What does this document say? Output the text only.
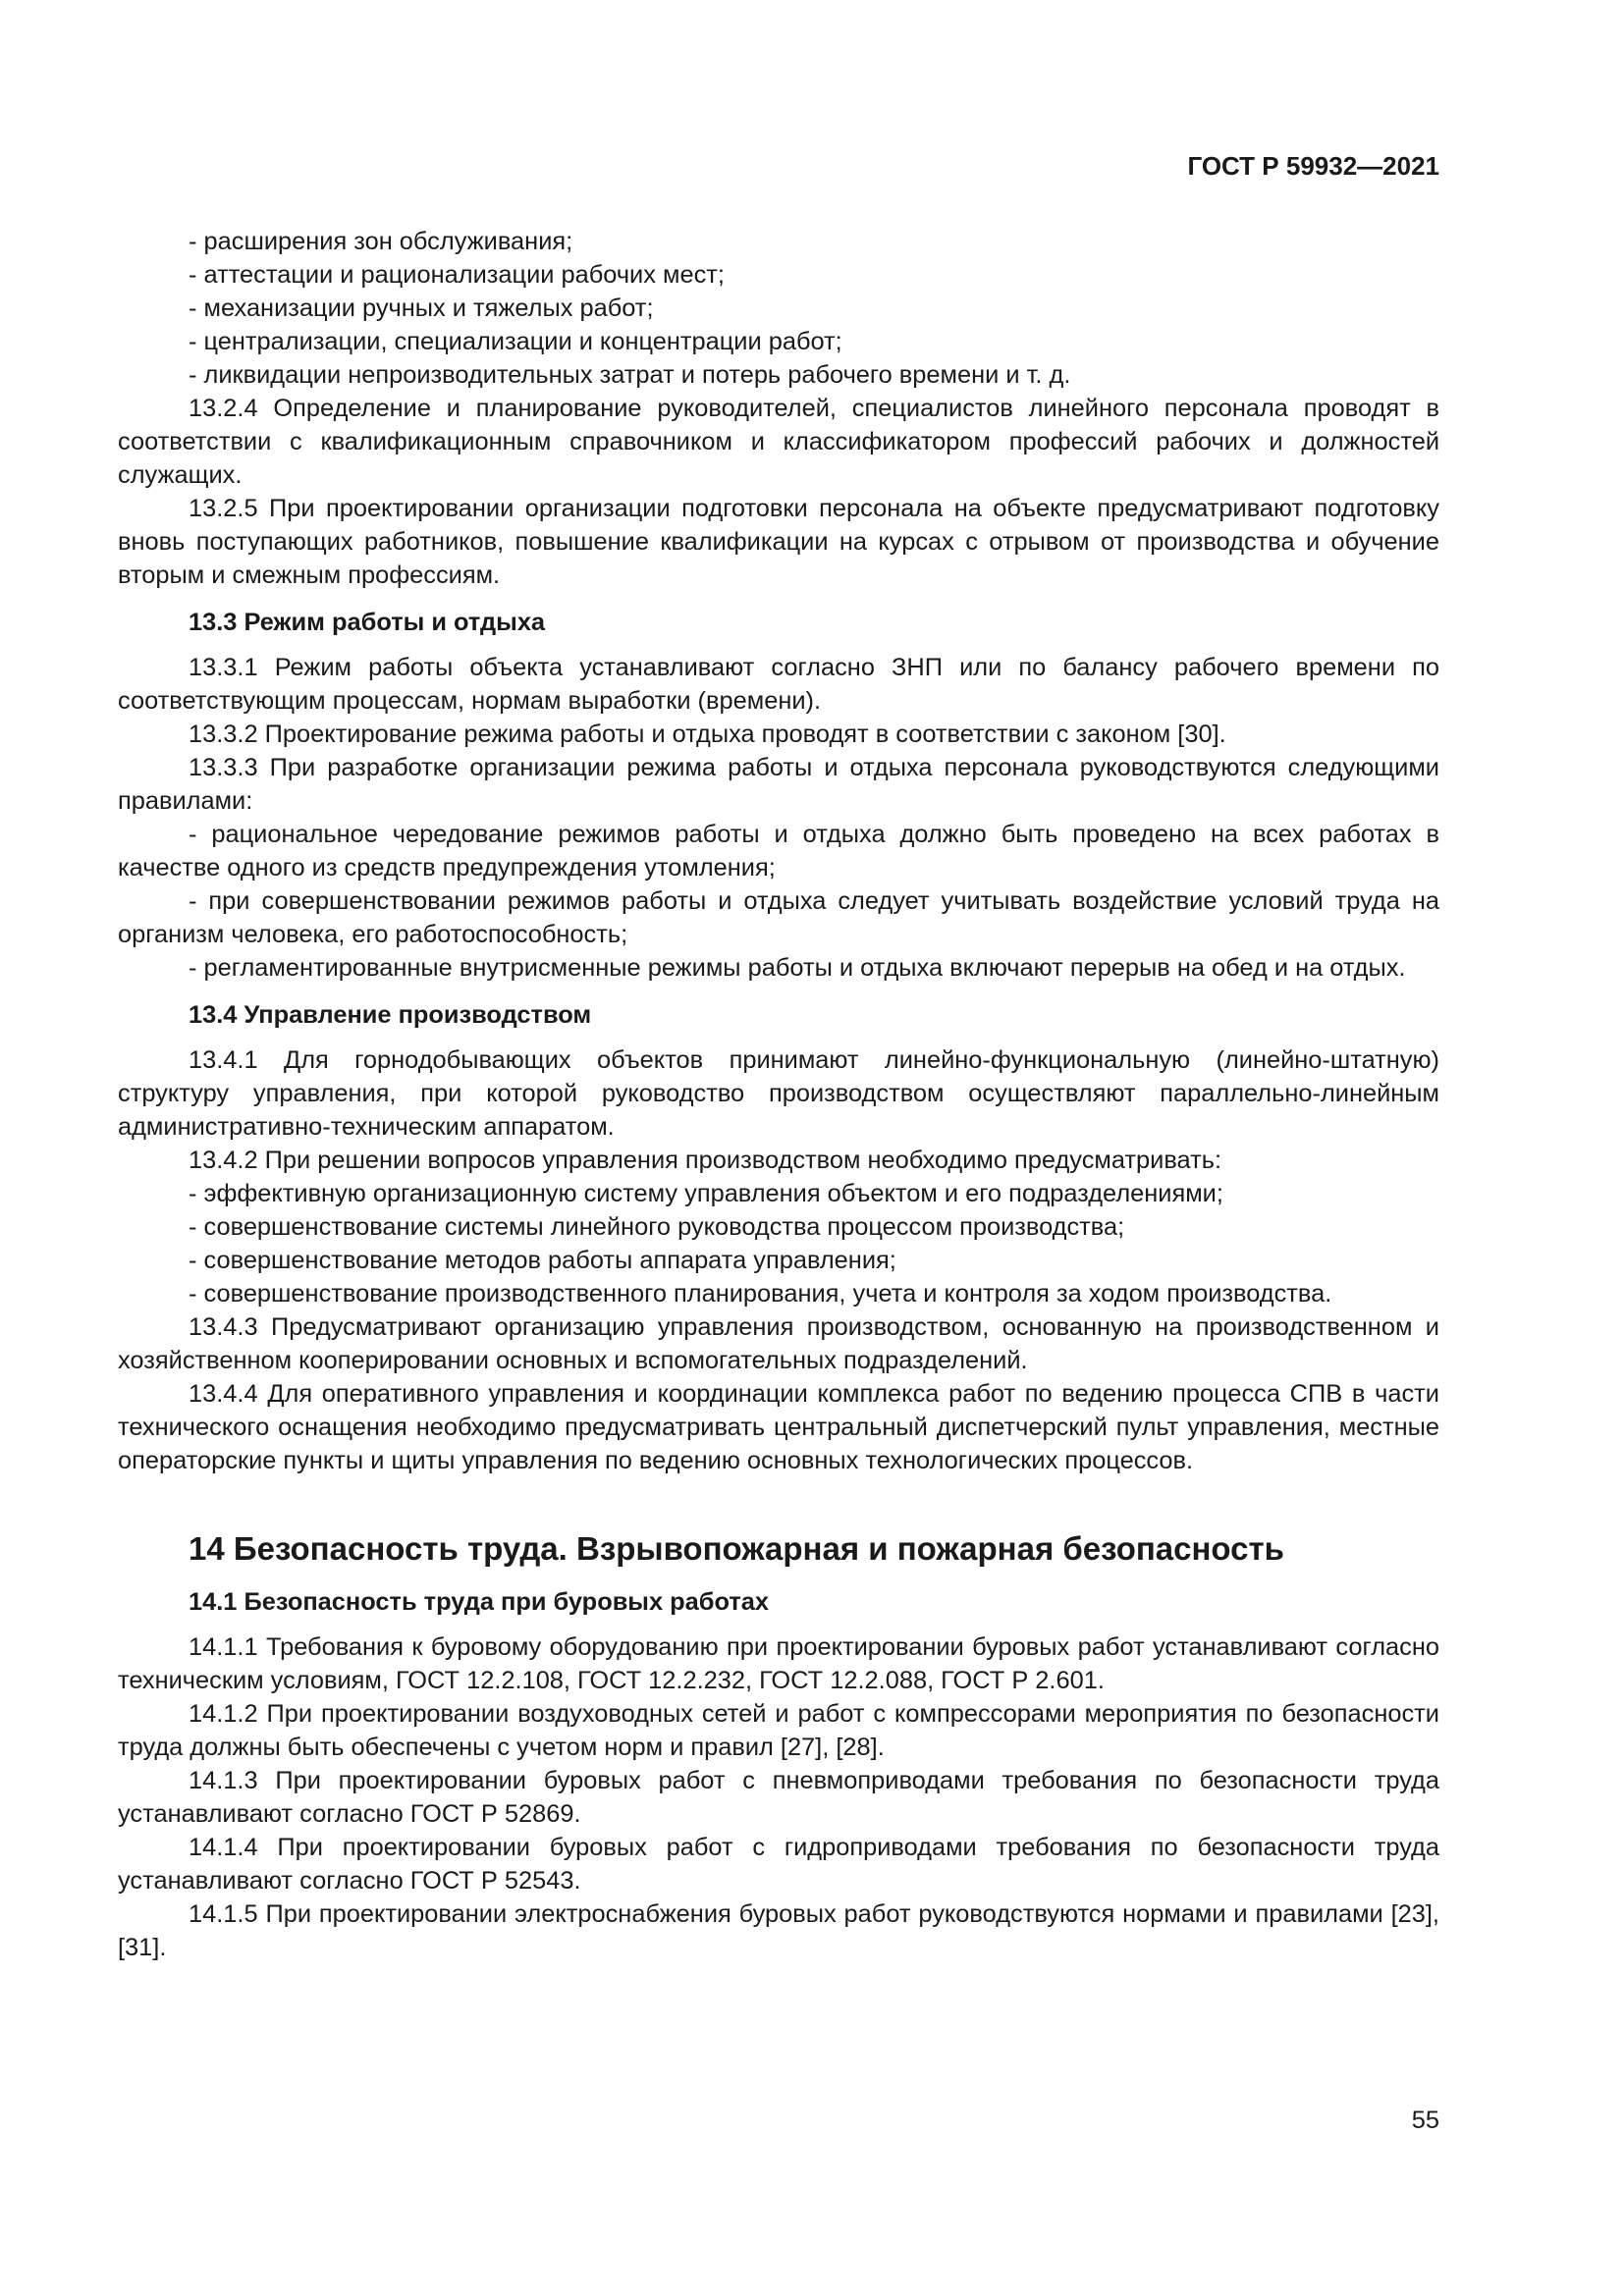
ГОСТ Р 59932—2021

- расширения зон обслуживания;

- аттестации и рационализации рабочих мест;

- механизации ручных и тяжелых работ;

- централизации, специализации и концентрации работ;

- ликвидации непроизводительных затрат и потерь рабочего времени и т. д.

13.2.4 Определение и планирование руководителей, специалистов линейного персонала проводят в соответствии с квалификационным справочником и классификатором профессий рабочих и должностей служащих.

13.2.5 При проектировании организации подготовки персонала на объекте предусматривают подготовку вновь поступающих работников, повышение квалификации на курсах с отрывом от производства и обучение вторым и смежным профессиям.

13.3 Режим работы и отдыха

13.3.1 Режим работы объекта устанавливают согласно ЗНП или по балансу рабочего времени по соответствующим процессам, нормам выработки (времени).

13.3.2 Проектирование режима работы и отдыха проводят в соответствии с законом [30].

13.3.3 При разработке организации режима работы и отдыха персонала руководствуются следующими правилами:

- рациональное чередование режимов работы и отдыха должно быть проведено на всех работах в качестве одного из средств предупреждения утомления;

- при совершенствовании режимов работы и отдыха следует учитывать воздействие условий труда на организм человека, его работоспособность;

- регламентированные внутрисменные режимы работы и отдыха включают перерыв на обед и на отдых.

13.4 Управление производством

13.4.1 Для горнодобывающих объектов принимают линейно-функциональную (линейно-штатную) структуру управления, при которой руководство производством осуществляют параллельно-линейным административно-техническим аппаратом.

13.4.2 При решении вопросов управления производством необходимо предусматривать:

- эффективную организационную систему управления объектом и его подразделениями;

- совершенствование системы линейного руководства процессом производства;

- совершенствование методов работы аппарата управления;

- совершенствование производственного планирования, учета и контроля за ходом производства.

13.4.3 Предусматривают организацию управления производством, основанную на производственном и хозяйственном кооперировании основных и вспомогательных подразделений.

13.4.4 Для оперативного управления и координации комплекса работ по ведению процесса СПВ в части технического оснащения необходимо предусматривать центральный диспетчерский пульт управления, местные операторские пункты и щиты управления по ведению основных технологических процессов.

14 Безопасность труда. Взрывопожарная и пожарная безопасность

14.1 Безопасность труда при буровых работах

14.1.1 Требования к буровому оборудованию при проектировании буровых работ устанавливают согласно техническим условиям, ГОСТ 12.2.108, ГОСТ 12.2.232, ГОСТ 12.2.088, ГОСТ Р 2.601.

14.1.2 При проектировании воздуховодных сетей и работ с компрессорами мероприятия по безопасности труда должны быть обеспечены с учетом норм и правил [27], [28].

14.1.3 При проектировании буровых работ с пневмоприводами требования по безопасности труда устанавливают согласно ГОСТ Р 52869.

14.1.4 При проектировании буровых работ с гидроприводами требования по безопасности труда устанавливают согласно ГОСТ Р 52543.

14.1.5 При проектировании электроснабжения буровых работ руководствуются нормами и правилами [23], [31].

55
